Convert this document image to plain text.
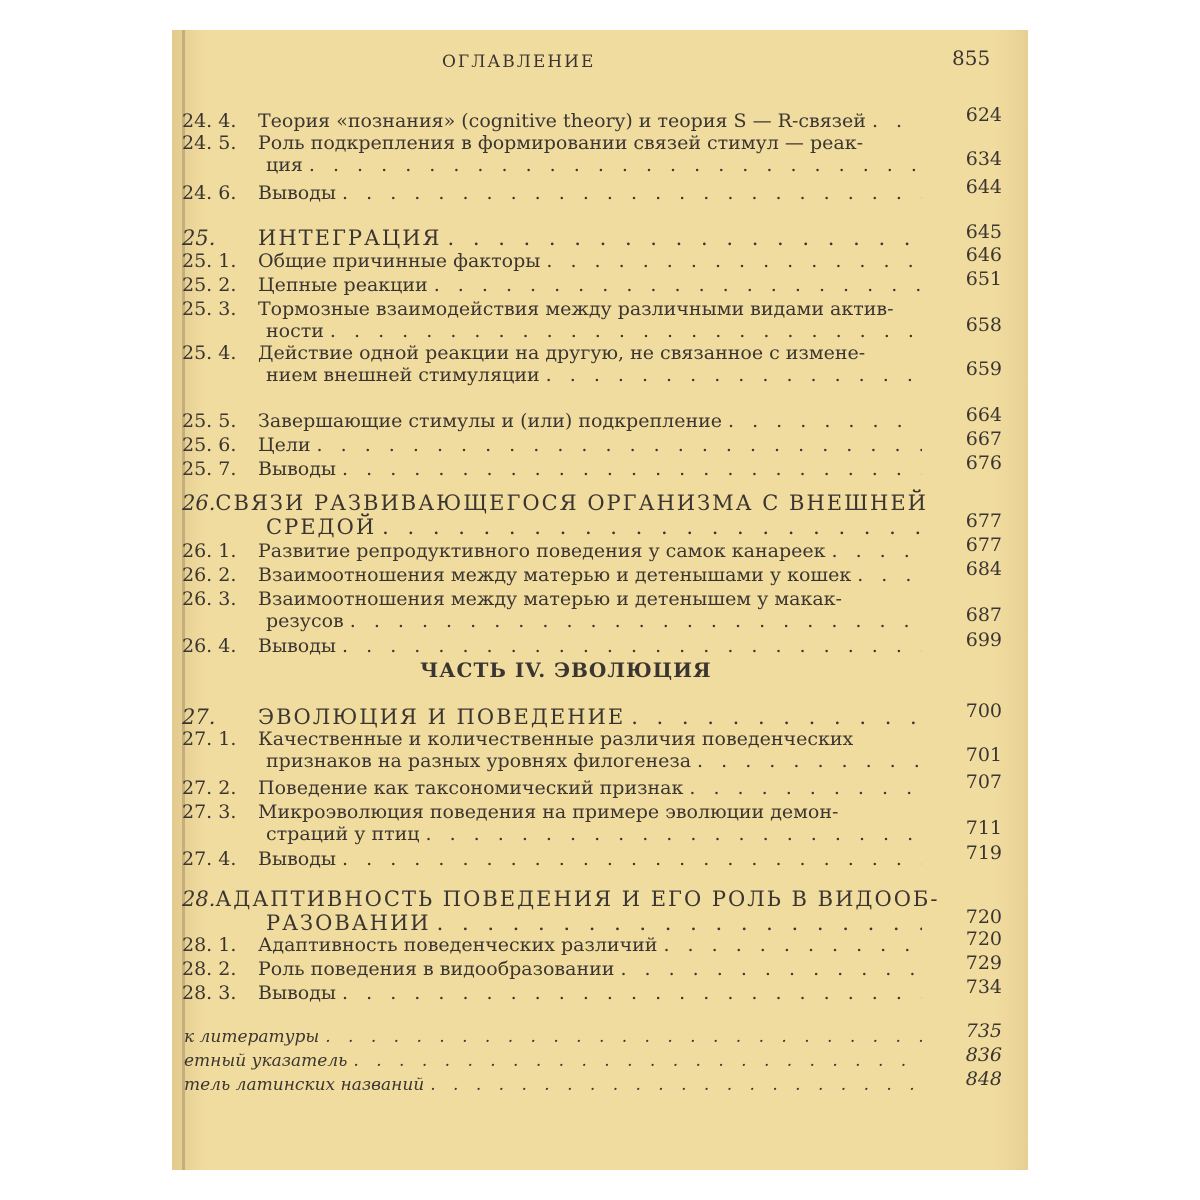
ОГЛАВЛЕНИЕ	855
ЧАСТЬ IV. ЭВОЛЮЦИЯ
24. 4.	Теория «познания» (cognitive theory) и теория S — R-связей . . .	624
24. 5.	Роль подкрепления в формировании связей стимул — реак-
ция . . .	634
24. 6.	Выводы . . .	644
25.	ИНТЕГРАЦИЯ . . .	645
25. 1.	Общие причинные факторы . . .	646
25. 2.	Цепные реакции . . .	651
25. 3.	Тормозные взаимодействия между различными видами актив-
ности . . .	658
25. 4.	Действие одной реакции на другую, не связанное с измене-
нием внешней стимуляции . . .	659
25. 5.	Завершающие стимулы и (или) подкрепление . . .	664
25. 6.	Цели . . .	667
25. 7.	Выводы . . .	676
26. СВЯЗИ РАЗВИВАЮЩЕГОСЯ ОРГАНИЗМА С ВНЕШНЕЙ
СРЕДОЙ . . .	677
26. 1.	Развитие репродуктивного поведения у самок канареек . . .	677
26. 2.	Взаимоотношения между матерью и детенышами у кошек . . .	684
26. 3.	Взаимоотношения между матерью и детенышем у макак-
резусов . . .	687
26. 4.	Выводы . . .	699
27.	ЭВОЛЮЦИЯ И ПОВЕДЕНИЕ . . .	700
27. 1.	Качественные и количественные различия поведенческих
признаков на разных уровнях филогенеза . . .	701
27. 2.	Поведение как таксономический признак . . .	707
27. 3.	Микроэволюция поведения на примере эволюции демон-
страций у птиц . . .	711
27. 4.	Выводы . . .	719
28. АДАПТИВНОСТЬ ПОВЕДЕНИЯ И ЕГО РОЛЬ В ВИДООБ-
РАЗОВАНИИ . . .	720
28. 1.	Адаптивность поведенческих различий . . .	720
28. 2.	Роль поведения в видообразовании . . .	729
28. 3.	Выводы . . .	734
к литературы . . .	735
етный указатель . . .	836
тель латинских названий . . .	848
